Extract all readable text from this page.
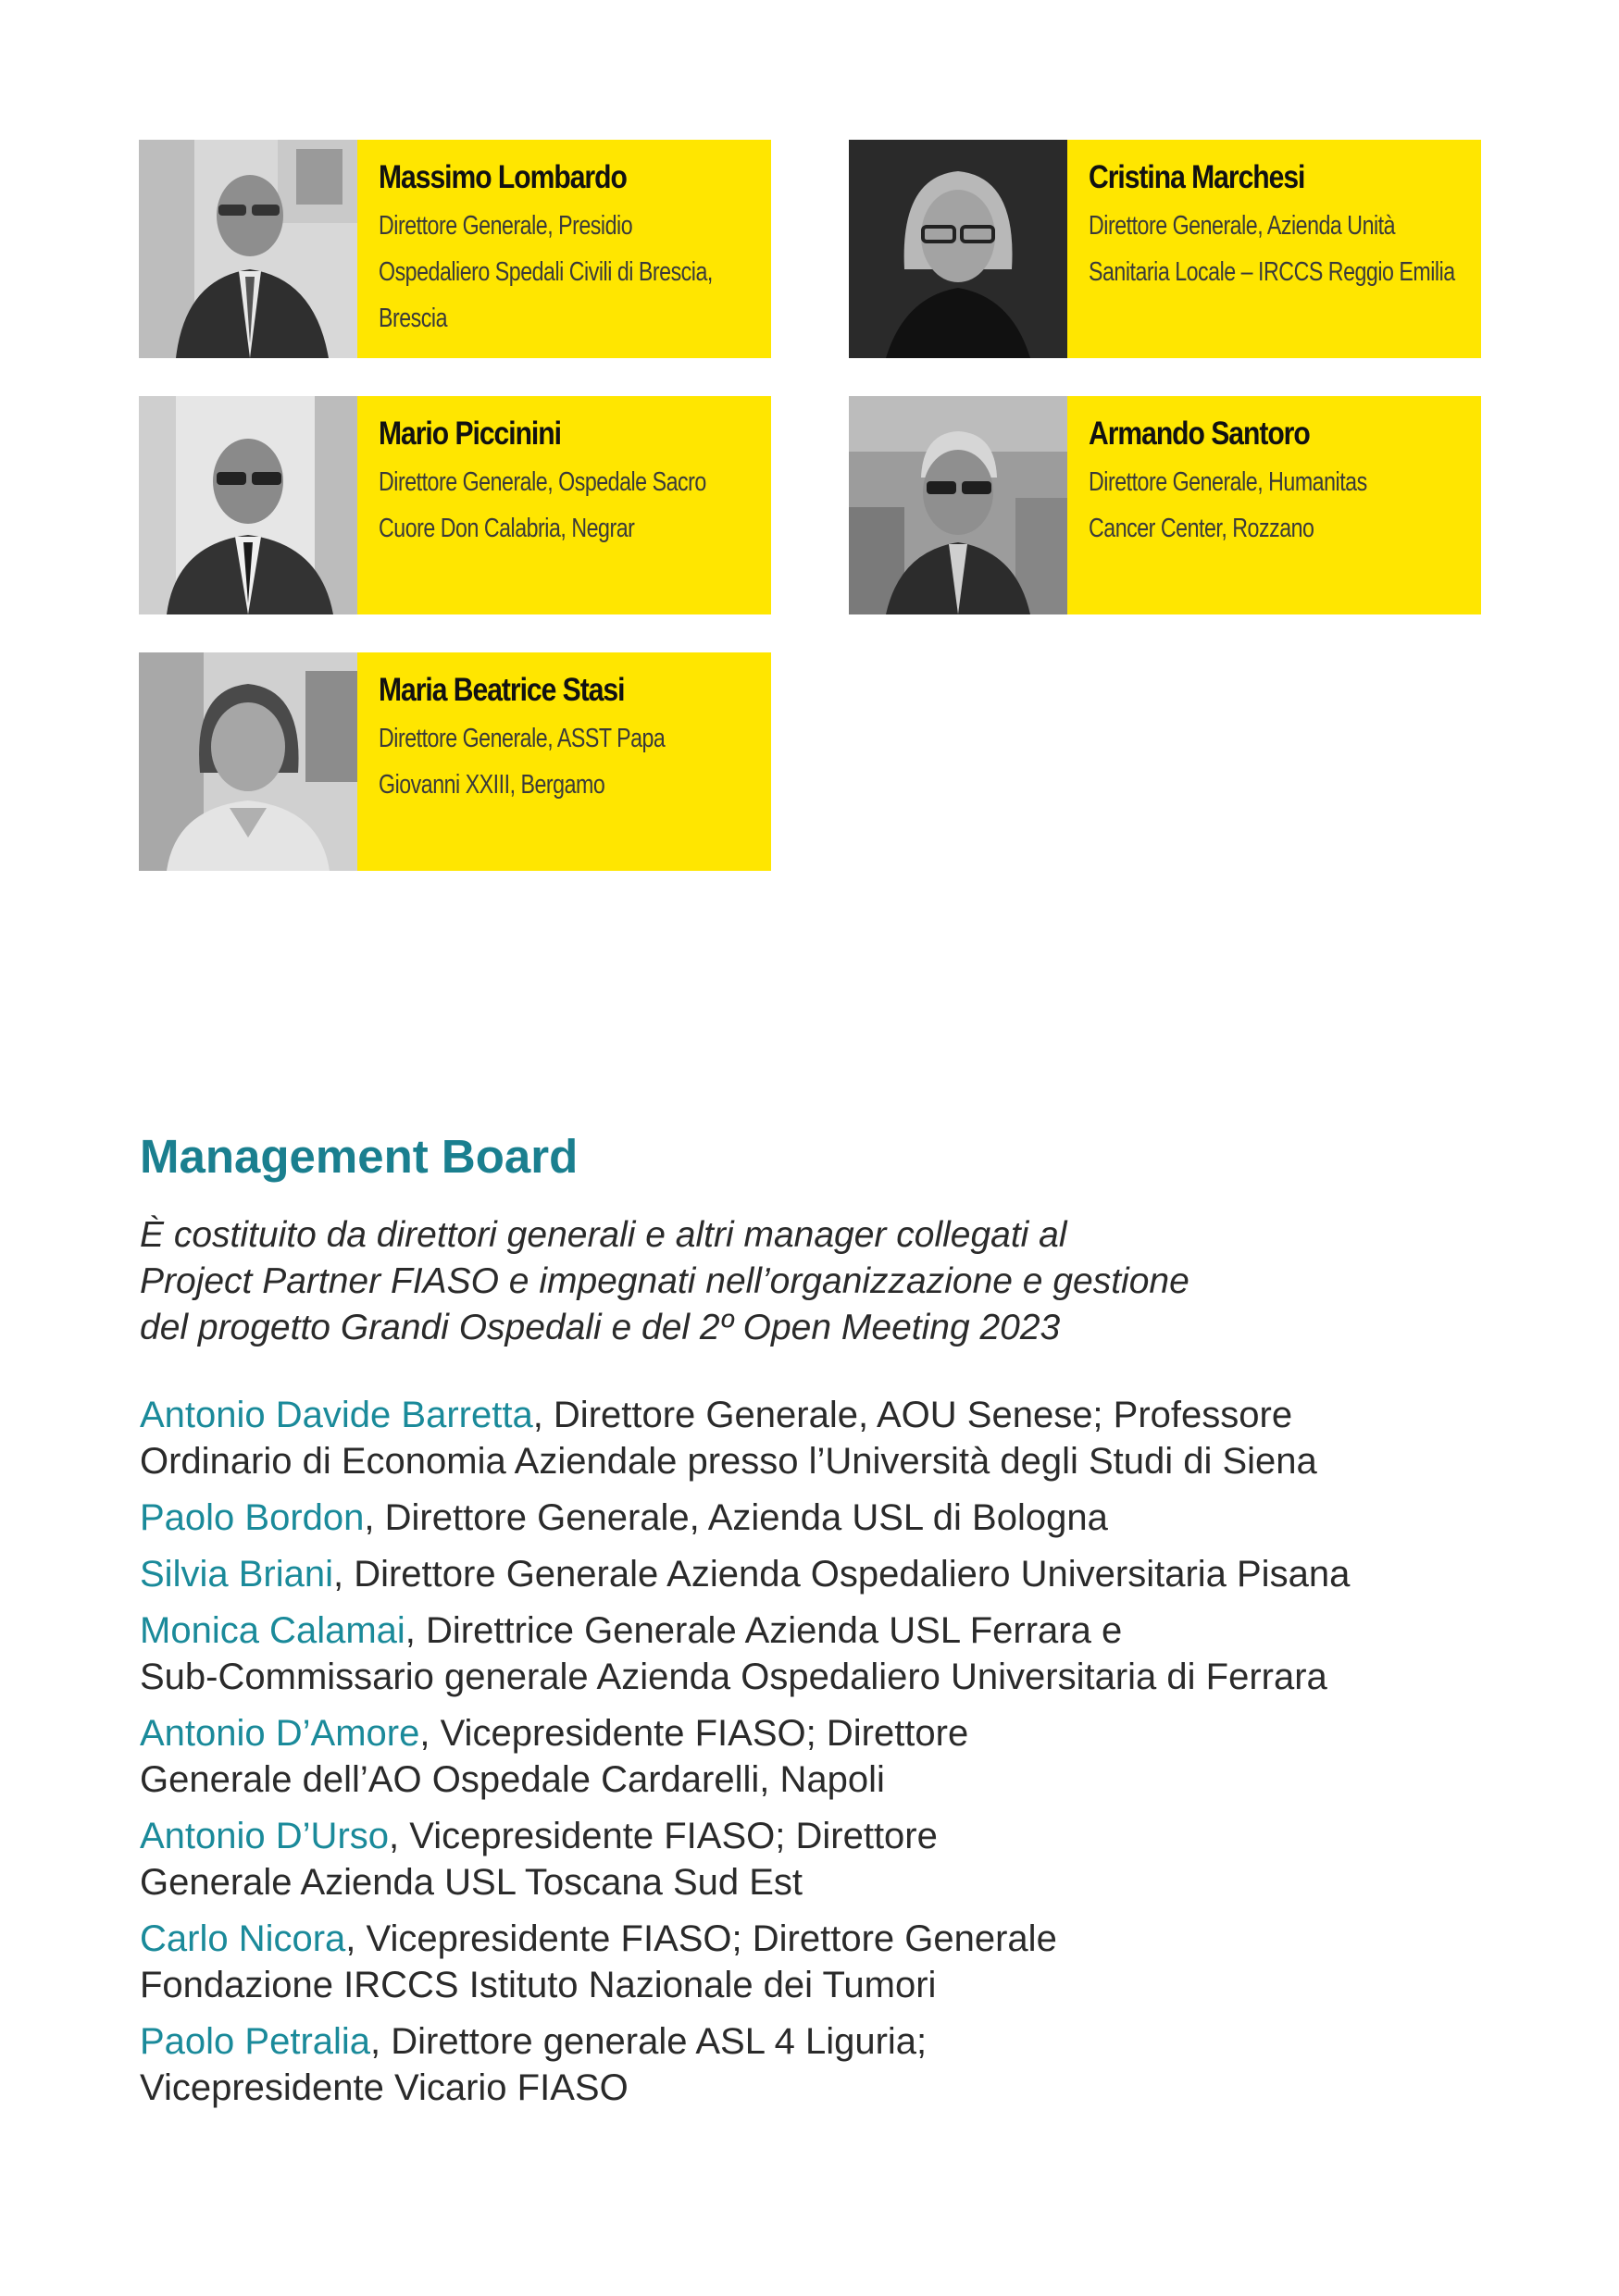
Massimo Lombardo
Direttore Generale, Presidio
Ospedaliero Spedali Civili di Brescia,
Brescia
Cristina Marchesi
Direttore Generale, Azienda Unità
Sanitaria Locale – IRCCS Reggio Emilia
Mario Piccinini
Direttore Generale, Ospedale Sacro
Cuore Don Calabria, Negrar
Armando Santoro
Direttore Generale, Humanitas
Cancer Center, Rozzano
Maria Beatrice Stasi
Direttore Generale, ASST Papa
Giovanni XXIII, Bergamo
Management Board

È costituito da direttori generali e altri manager collegati al
Project Partner FIASO e impegnati nell’organizzazione e gestione
del progetto Grandi Ospedali e del 2º Open Meeting 2023

Antonio Davide Barretta, Direttore Generale, AOU Senese; Professore
Ordinario di Economia Aziendale presso l’Università degli Studi di Siena
Paolo Bordon, Direttore Generale, Azienda USL di Bologna
Silvia Briani, Direttore Generale Azienda Ospedaliero Universitaria Pisana
Monica Calamai, Direttrice Generale Azienda USL Ferrara e
Sub-Commissario generale Azienda Ospedaliero Universitaria di Ferrara
Antonio D’Amore, Vicepresidente FIASO; Direttore
Generale dell’AO Ospedale Cardarelli, Napoli
Antonio D’Urso, Vicepresidente FIASO; Direttore
Generale Azienda USL Toscana Sud Est
Carlo Nicora, Vicepresidente FIASO; Direttore Generale
Fondazione IRCCS Istituto Nazionale dei Tumori
Paolo Petralia, Direttore generale ASL 4 Liguria;
Vicepresidente Vicario FIASO
